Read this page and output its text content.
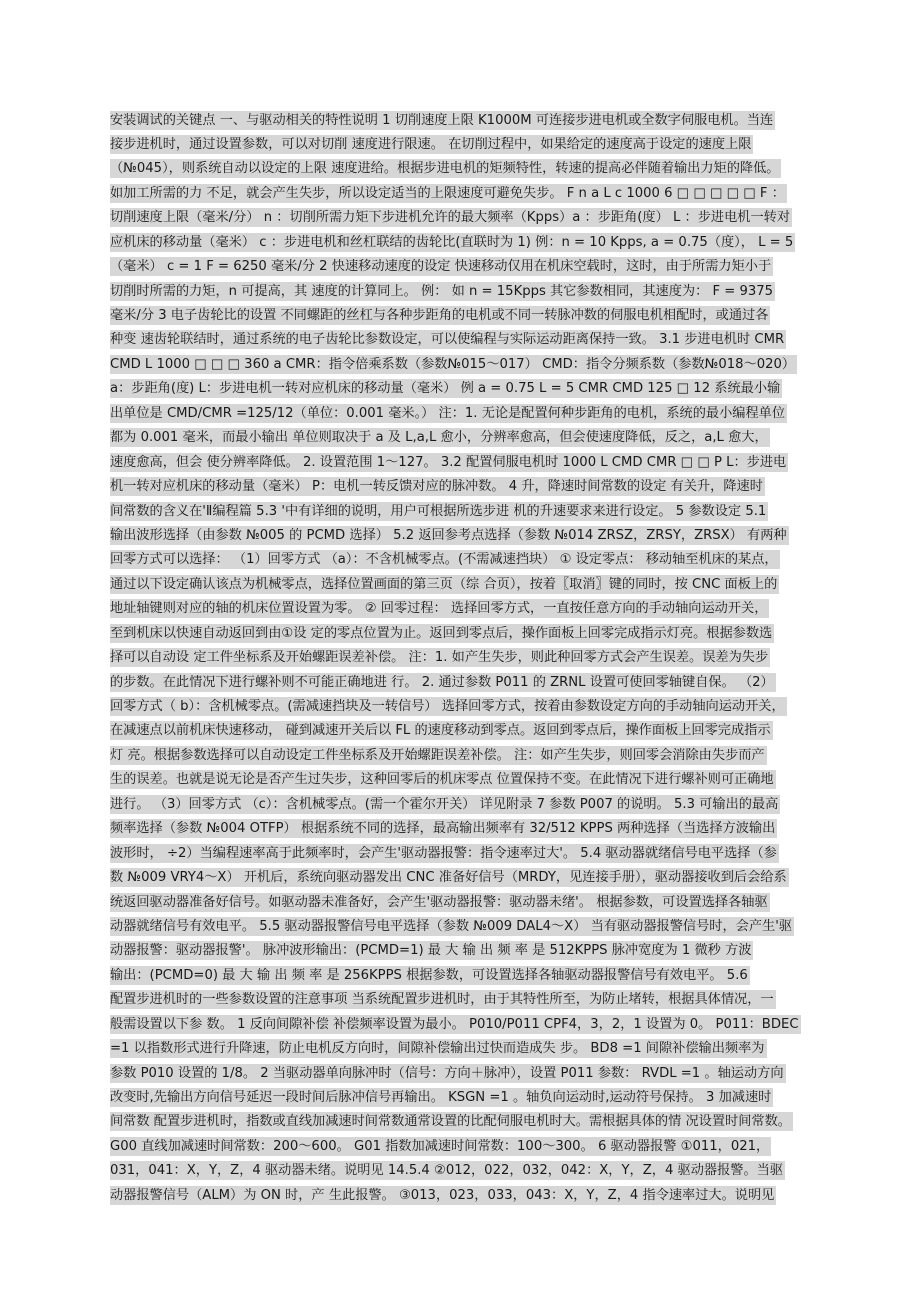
安装调试的关键点 一、与驱动相关的特性说明 1 切削速度上限 K1000M 可连接步进电机或全数字伺服电机。当连
接步进机时，通过设置参数，可以对切削 速度进行限速。 在切削过程中，如果给定的速度高于设定的速度上限
（№045），则系统自动以设定的上限 速度进给。根据步进电机的矩频特性，转速的提高必伴随着输出力矩的降低。
如加工所需的力 不足，就会产生失步，所以设定适当的上限速度可避免失步。 F n a L c 1000 6 □ □ □ □ □ F ：
切削速度上限（毫米/分） n ：切削所需力矩下步进机允许的最大频率（Kpps）a ：步距角(度） L ：步进电机一转对
应机床的移动量（毫米） c ：步进电机和丝杠联结的齿轮比(直联时为 1) 例：n = 10 Kpps, a = 0.75（度）， L = 5
（毫米） c = 1 F = 6250 毫米/分 2 快速移动速度的设定 快速移动仅用在机床空载时，这时，由于所需力矩小于
切削时所需的力矩，n 可提高，其 速度的计算同上。 例： 如 n = 15Kpps 其它参数相同，其速度为： F = 9375
毫米/分 3 电子齿轮比的设置 不同螺距的丝杠与各种步距角的电机或不同一转脉冲数的伺服电机相配时，或通过各
种变 速齿轮联结时，通过系统的电子齿轮比参数设定，可以使编程与实际运动距离保持一致。 3.1 步进电机时 CMR
CMD L 1000 □ □ □ 360 a CMR：指令倍乘系数（参数№015～017） CMD：指令分频系数（参数№018～020）
a：步距角(度) L：步进电机一转对应机床的移动量（毫米） 例 a = 0.75 L = 5 CMR CMD 125 □ 12 系统最小输
出单位是 CMD/CMR =125/12（单位：0.001 毫米。） 注：1. 无论是配置何种步距角的电机，系统的最小编程单位
都为 0.001 毫米，而最小输出 单位则取决于 a 及 L,a,L 愈小，分辨率愈高，但会使速度降低，反之，a,L 愈大，
速度愈高，但会 使分辨率降低。 2. 设置范围 1～127。 3.2 配置伺服电机时 1000 L CMD CMR □ □ P L：步进电
机一转对应机床的移动量（毫米） P：电机一转反馈对应的脉冲数。 4 升，降速时间常数的设定 有关升，降速时
间常数的含义在'Ⅱ编程篇 5.3 '中有详细的说明，用户可根据所选步进 机的升速要求来进行设定。 5 参数设定 5.1
输出波形选择（由参数 №005 的 PCMD 选择） 5.2 返回参考点选择（参数 №014 ZRSZ，ZRSY，ZRSX） 有两种
回零方式可以选择： （1）回零方式 （a）：不含机械零点。(不需减速挡块） ① 设定零点： 移动轴至机床的某点，
通过以下设定确认该点为机械零点，选择位置画面的第三页（综 合页），按着〖取消〗键的同时，按 CNC 面板上的
地址轴键则对应的轴的机床位置设置为零。 ② 回零过程： 选择回零方式，一直按任意方向的手动轴向运动开关，
至到机床以快速自动返回到由①设 定的零点位置为止。返回到零点后，操作面板上回零完成指示灯亮。根据参数选
择可以自动设 定工件坐标系及开始螺距误差补偿。 注：1. 如产生失步，则此种回零方式会产生误差。误差为失步
的步数。在此情况下进行螺补则不可能正确地进 行。 2. 通过参数 P011 的 ZRNL 设置可使回零轴键自保。 （2）
回零方式（ b）：含机械零点。(需减速挡块及一转信号） 选择回零方式，按着由参数设定方向的手动轴向运动开关，
在减速点以前机床快速移动， 碰到减速开关后以 FL 的速度移动到零点。返回到零点后，操作面板上回零完成指示
灯 亮。根据参数选择可以自动设定工件坐标系及开始螺距误差补偿。 注：如产生失步，则回零会消除由失步而产
生的误差。也就是说无论是否产生过失步，这种回零后的机床零点 位置保持不变。在此情况下进行螺补则可正确地
进行。 （3）回零方式 （c）：含机械零点。(需一个霍尔开关） 详见附录 7 参数 P007 的说明。 5.3 可输出的最高
频率选择（参数 №004 OTFP） 根据系统不同的选择，最高输出频率有 32/512 KPPS 两种选择（当选择方波输出
波形时， ÷2）当编程速率高于此频率时，会产生'驱动器报警：指令速率过大'。 5.4 驱动器就绪信号电平选择（参
数 №009 VRY4～X） 开机后，系统向驱动器发出 CNC 准备好信号（MRDY，见连接手册），驱动器接收到后会给系
统返回驱动器准备好信号。如驱动器未准备好，会产生'驱动器报警：驱动器未绪'。 根据参数，可设置选择各轴驱
动器就绪信号有效电平。 5.5 驱动器报警信号电平选择（参数 №009 DAL4～X） 当有驱动器报警信号时，会产生'驱
动器报警：驱动器报警'。 脉冲波形输出：(PCMD=1) 最 大 输 出 频 率 是 512KPPS 脉冲宽度为 1 微秒 方波
输出：(PCMD=0) 最 大 输 出 频 率 是 256KPPS 根据参数，可设置选择各轴驱动器报警信号有效电平。 5.6
配置步进机时的一些参数设置的注意事项 当系统配置步进机时，由于其特性所至，为防止堵转，根据具体情况，一
般需设置以下参 数。 1 反向间隙补偿 补偿频率设置为最小。 P010/P011 CPF4，3，2，1 设置为 0。 P011：BDEC
=1 以指数形式进行升降速，防止电机反方向时，间隙补偿输出过快而造成失 步。 BD8 =1 间隙补偿输出频率为
参数 P010 设置的 1/8。 2 当驱动器单向脉冲时（信号：方向＋脉冲），设置 P011 参数： RVDL =1 。轴运动方向
改变时,先输出方向信号延迟一段时间后脉冲信号再输出。 KSGN =1 。轴负向运动时,运动符号保持。 3 加减速时
间常数 配置步进机时，指数或直线加减速时间常数通常设置的比配伺服电机时大。需根据具体的情 况设置时间常数。
G00 直线加减速时间常数：200～600。 G01 指数加减速时间常数：100～300。 6 驱动器报警 ①011，021，
031，041：X，Y，Z，4 驱动器未绪。说明见 14.5.4 ②012，022，032，042：X，Y，Z，4 驱动器报警。当驱
动器报警信号（ALM）为 ON 时，产 生此报警。 ③013，023，033，043：X，Y，Z，4 指令速率过大。说明见
